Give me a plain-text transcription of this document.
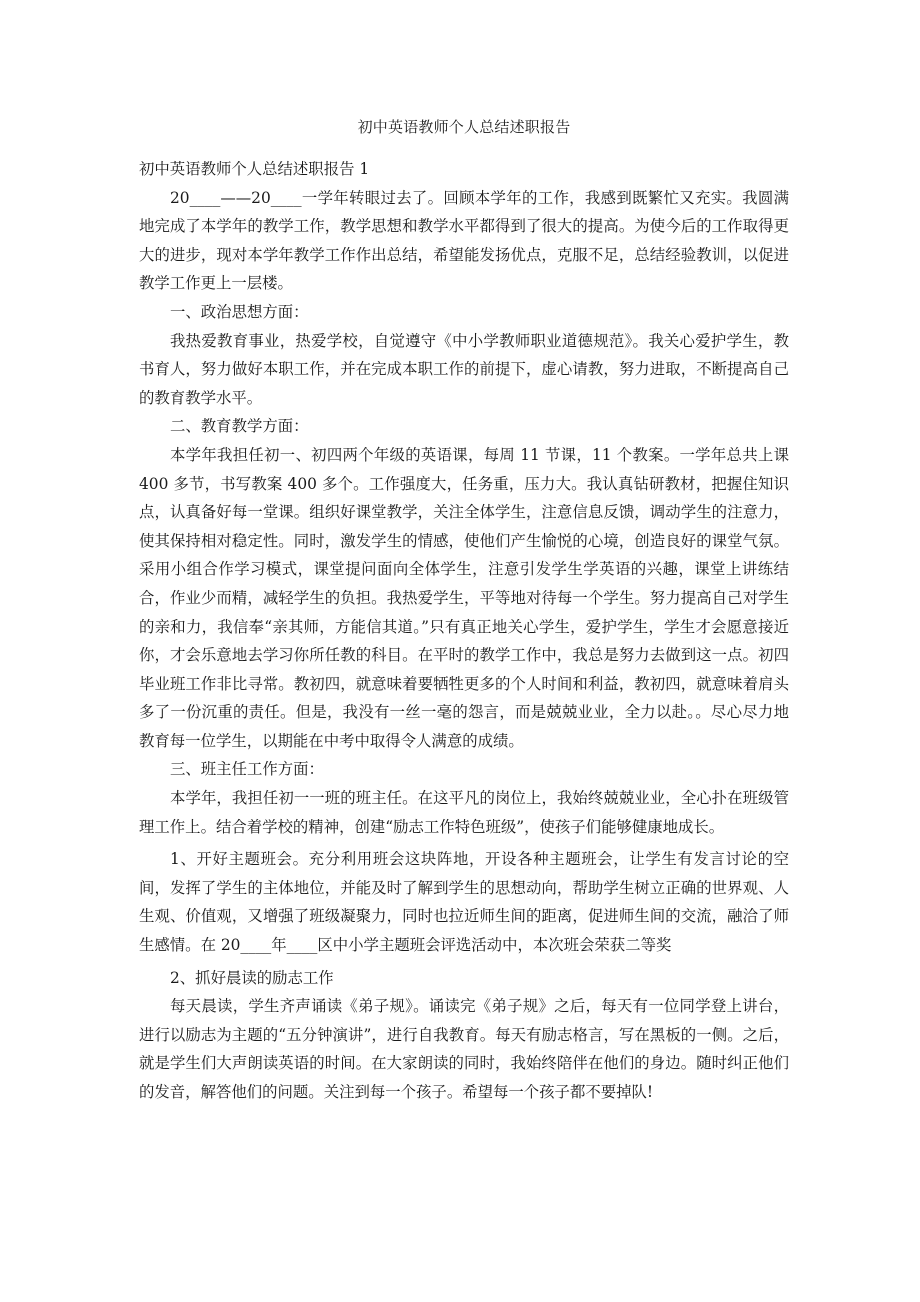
初中英语教师个人总结述职报告

初中英语教师个人总结述职报告 1

20____——20____一学年转眼过去了。回顾本学年的工作，我感到既繁忙又充实。我圆满地完成了本学年的教学工作，教学思想和教学水平都得到了很大的提高。为使今后的工作取得更大的进步，现对本学年教学工作作出总结，希望能发扬优点，克服不足，总结经验教训，以促进教学工作更上一层楼。

一、政治思想方面：

我热爱教育事业，热爱学校，自觉遵守《中小学教师职业道德规范》。我关心爱护学生，教书育人，努力做好本职工作，并在完成本职工作的前提下，虚心请教，努力进取，不断提高自己的教育教学水平。

二、教育教学方面：

本学年我担任初一、初四两个年级的英语课，每周 11 节课，11 个教案。一学年总共上课 400 多节，书写教案 400 多个。工作强度大，任务重，压力大。我认真钻研教材，把握住知识点，认真备好每一堂课。组织好课堂教学，关注全体学生，注意信息反馈，调动学生的注意力，使其保持相对稳定性。同时，激发学生的情感，使他们产生愉悦的心境，创造良好的课堂气氛。采用小组合作学习模式，课堂提问面向全体学生，注意引发学生学英语的兴趣，课堂上讲练结合，作业少而精，减轻学生的负担。我热爱学生，平等地对待每一个学生。努力提高自己对学生的亲和力，我信奉“亲其师，方能信其道。”只有真正地关心学生，爱护学生，学生才会愿意接近你，才会乐意地去学习你所任教的科目。在平时的教学工作中，我总是努力去做到这一点。初四毕业班工作非比寻常。教初四，就意味着要牺牲更多的个人时间和利益，教初四，就意味着肩头多了一份沉重的责任。但是，我没有一丝一毫的怨言，而是兢兢业业，全力以赴。。尽心尽力地教育每一位学生，以期能在中考中取得令人满意的成绩。

三、班主任工作方面：

本学年，我担任初一一班的班主任。在这平凡的岗位上，我始终兢兢业业，全心扑在班级管理工作上。结合着学校的精神，创建“励志工作特色班级”，使孩子们能够健康地成长。

1、开好主题班会。充分利用班会这块阵地，开设各种主题班会，让学生有发言讨论的空间，发挥了学生的主体地位，并能及时了解到学生的思想动向，帮助学生树立正确的世界观、人生观、价值观，又增强了班级凝聚力，同时也拉近师生间的距离，促进师生间的交流，融洽了师生感情。在 20____年____区中小学主题班会评选活动中，本次班会荣获二等奖

2、抓好晨读的励志工作

每天晨读，学生齐声诵读《弟子规》。诵读完《弟子规》之后，每天有一位同学登上讲台，进行以励志为主题的“五分钟演讲”，进行自我教育。每天有励志格言，写在黑板的一侧。之后，就是学生们大声朗读英语的时间。在大家朗读的同时，我始终陪伴在他们的身边。随时纠正他们的发音，解答他们的问题。关注到每一个孩子。希望每一个孩子都不要掉队!
